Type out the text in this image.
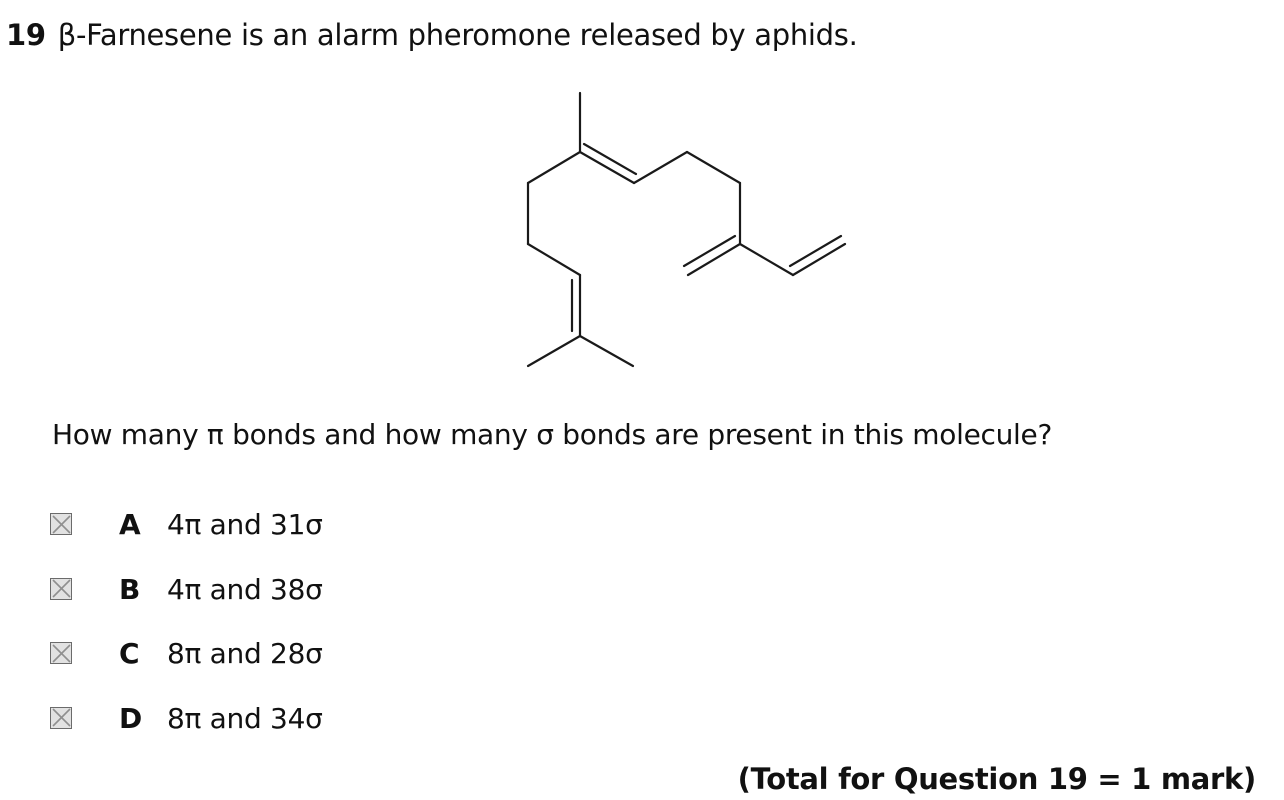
19 β-Farnesene is an alarm pheromone released by aphids.
How many π bonds and how many σ bonds are present in this molecule?
A 4π and 31σ
B 4π and 38σ
C 8π and 28σ
D 8π and 34σ
(Total for Question 19 = 1 mark)
